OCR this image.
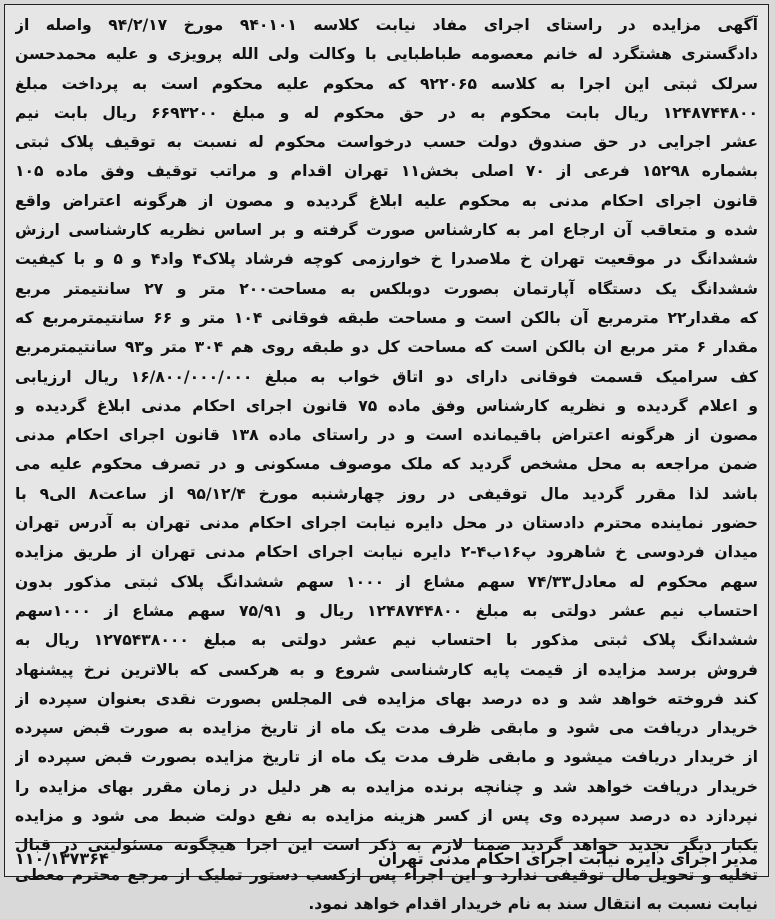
آگهی مزایده در راستای اجرای مفاد نیابت کلاسه ۹۴۰۱۰۱ مورخ ۹۴/۲/۱۷ واصله از
دادگستری هشتگرد له خانم معصومه طباطبایی با وکالت ولی الله پرویزی و علیه محمدحسن
سرلک ثبتی این اجرا به کلاسه ۹۲۲۰۶۵ که محکوم علیه محکوم است به پرداخت مبلغ
۱۲۴۸۷۴۴۸۰۰ ریال بابت محکوم به در حق محکوم له و مبلغ ۶۶۹۳۲۰۰ ریال بابت نیم
عشر اجرایی در حق صندوق دولت حسب درخواست محکوم له نسبت به توقیف پلاک ثبتی
بشماره ۱۵۲۹۸ فرعی از ۷۰ اصلی بخش۱۱ تهران اقدام و مراتب توقیف وفق ماده ۱۰۵
قانون اجرای احکام مدنی به محکوم علیه ابلاغ گردیده و مصون از هرگونه اعتراض واقع
شده و متعاقب آن ارجاع امر به کارشناس صورت گرفته و بر اساس نظریه کارشناسی ارزش
ششدانگ در موقعیت تهران خ ملاصدرا خ خوارزمی کوچه فرشاد پلاک۴ واد۴ و ۵ و با کیفیت
ششدانگ یک دستگاه آپارتمان بصورت دوبلکس به مساحت۲۰۰ متر و ۲۷ سانتیمتر مربع
که مقدار۲۲ مترمربع آن بالکن است و مساحت طبقه فوقانی ۱۰۴ متر و ۶۶ سانتیمترمربع که
مقدار ۶ متر مربع ان بالکن است که مساحت کل دو طبقه روی هم ۳۰۴ متر و۹۳ سانتیمترمربع
کف سرامیک قسمت فوقانی دارای دو اتاق خواب به مبلغ ۱۶/۸۰۰/۰۰۰/۰۰۰ ریال ارزیابی
و اعلام گردیده و نظریه کارشناس وفق ماده ۷۵ قانون اجرای احکام مدنی ابلاغ گردیده و
مصون از هرگونه اعتراض باقیمانده است و در راستای ماده ۱۳۸ قانون اجرای احکام مدنی
ضمن مراجعه به محل مشخص گردید که ملک موصوف مسکونی و در تصرف محکوم علیه می
باشد لذا مقرر گردید مال توقیفی در روز چهارشنبه مورخ ۹۵/۱۲/۴ از ساعت۸ الی۹ با
حضور نماینده محترم دادستان در محل دایره نیابت اجرای احکام مدنی تهران به آدرس تهران
میدان فردوسی خ شاهرود پ۱۶ب۴-۲ دایره نیابت اجرای احکام مدنی تهران از طریق مزایده
سهم محکوم له معادل۷۴/۳۳ سهم مشاع از ۱۰۰۰ سهم ششدانگ پلاک ثبتی مذکور بدون
احتساب نیم عشر دولتی به مبلغ ۱۲۴۸۷۴۴۸۰۰ ریال و ۷۵/۹۱ سهم مشاع از ۱۰۰۰سهم
ششدانگ پلاک ثبتی مذکور با احتساب نیم عشر دولتی به مبلغ ۱۲۷۵۴۳۸۰۰۰ ریال به
فروش برسد مزایده از قیمت پایه کارشناسی شروع و به هرکسی که بالاترین نرخ پیشنهاد
کند فروخته خواهد شد و ده درصد بهای مزایده فی المجلس بصورت نقدی بعنوان سپرده از
خریدار دریافت می شود و مابقی ظرف مدت یک ماه از تاریخ مزایده به صورت قبض سپرده
از خریدار دریافت میشود و مابقی ظرف مدت یک ماه از تاریخ مزایده بصورت قبض سپرده از
خریدار دریافت خواهد شد و چنانچه برنده مزایده به هر دلیل در زمان مقرر بهای مزایده را
نپردازد ده درصد سپرده وی پس از کسر هزینه مزایده به نفع دولت ضبط می شود و مزایده
یکبار دیگر تجدید خواهد گردید ضمنا لازم به ذکر است این اجرا هیچگونه مسئولیتی در قبال
تخلیه و تحویل مال توقیفی ندارد و این اجراء پس ازکسب دستور تملیک از مرجع محترم معطی
نیابت نسبت به انتقال سند به نام خریدار اقدام خواهد نمود.
مدیر اجرای دایره نیابت اجرای احکام مدنی تهران
۱۱۰/۱۳۷۳۶۴
